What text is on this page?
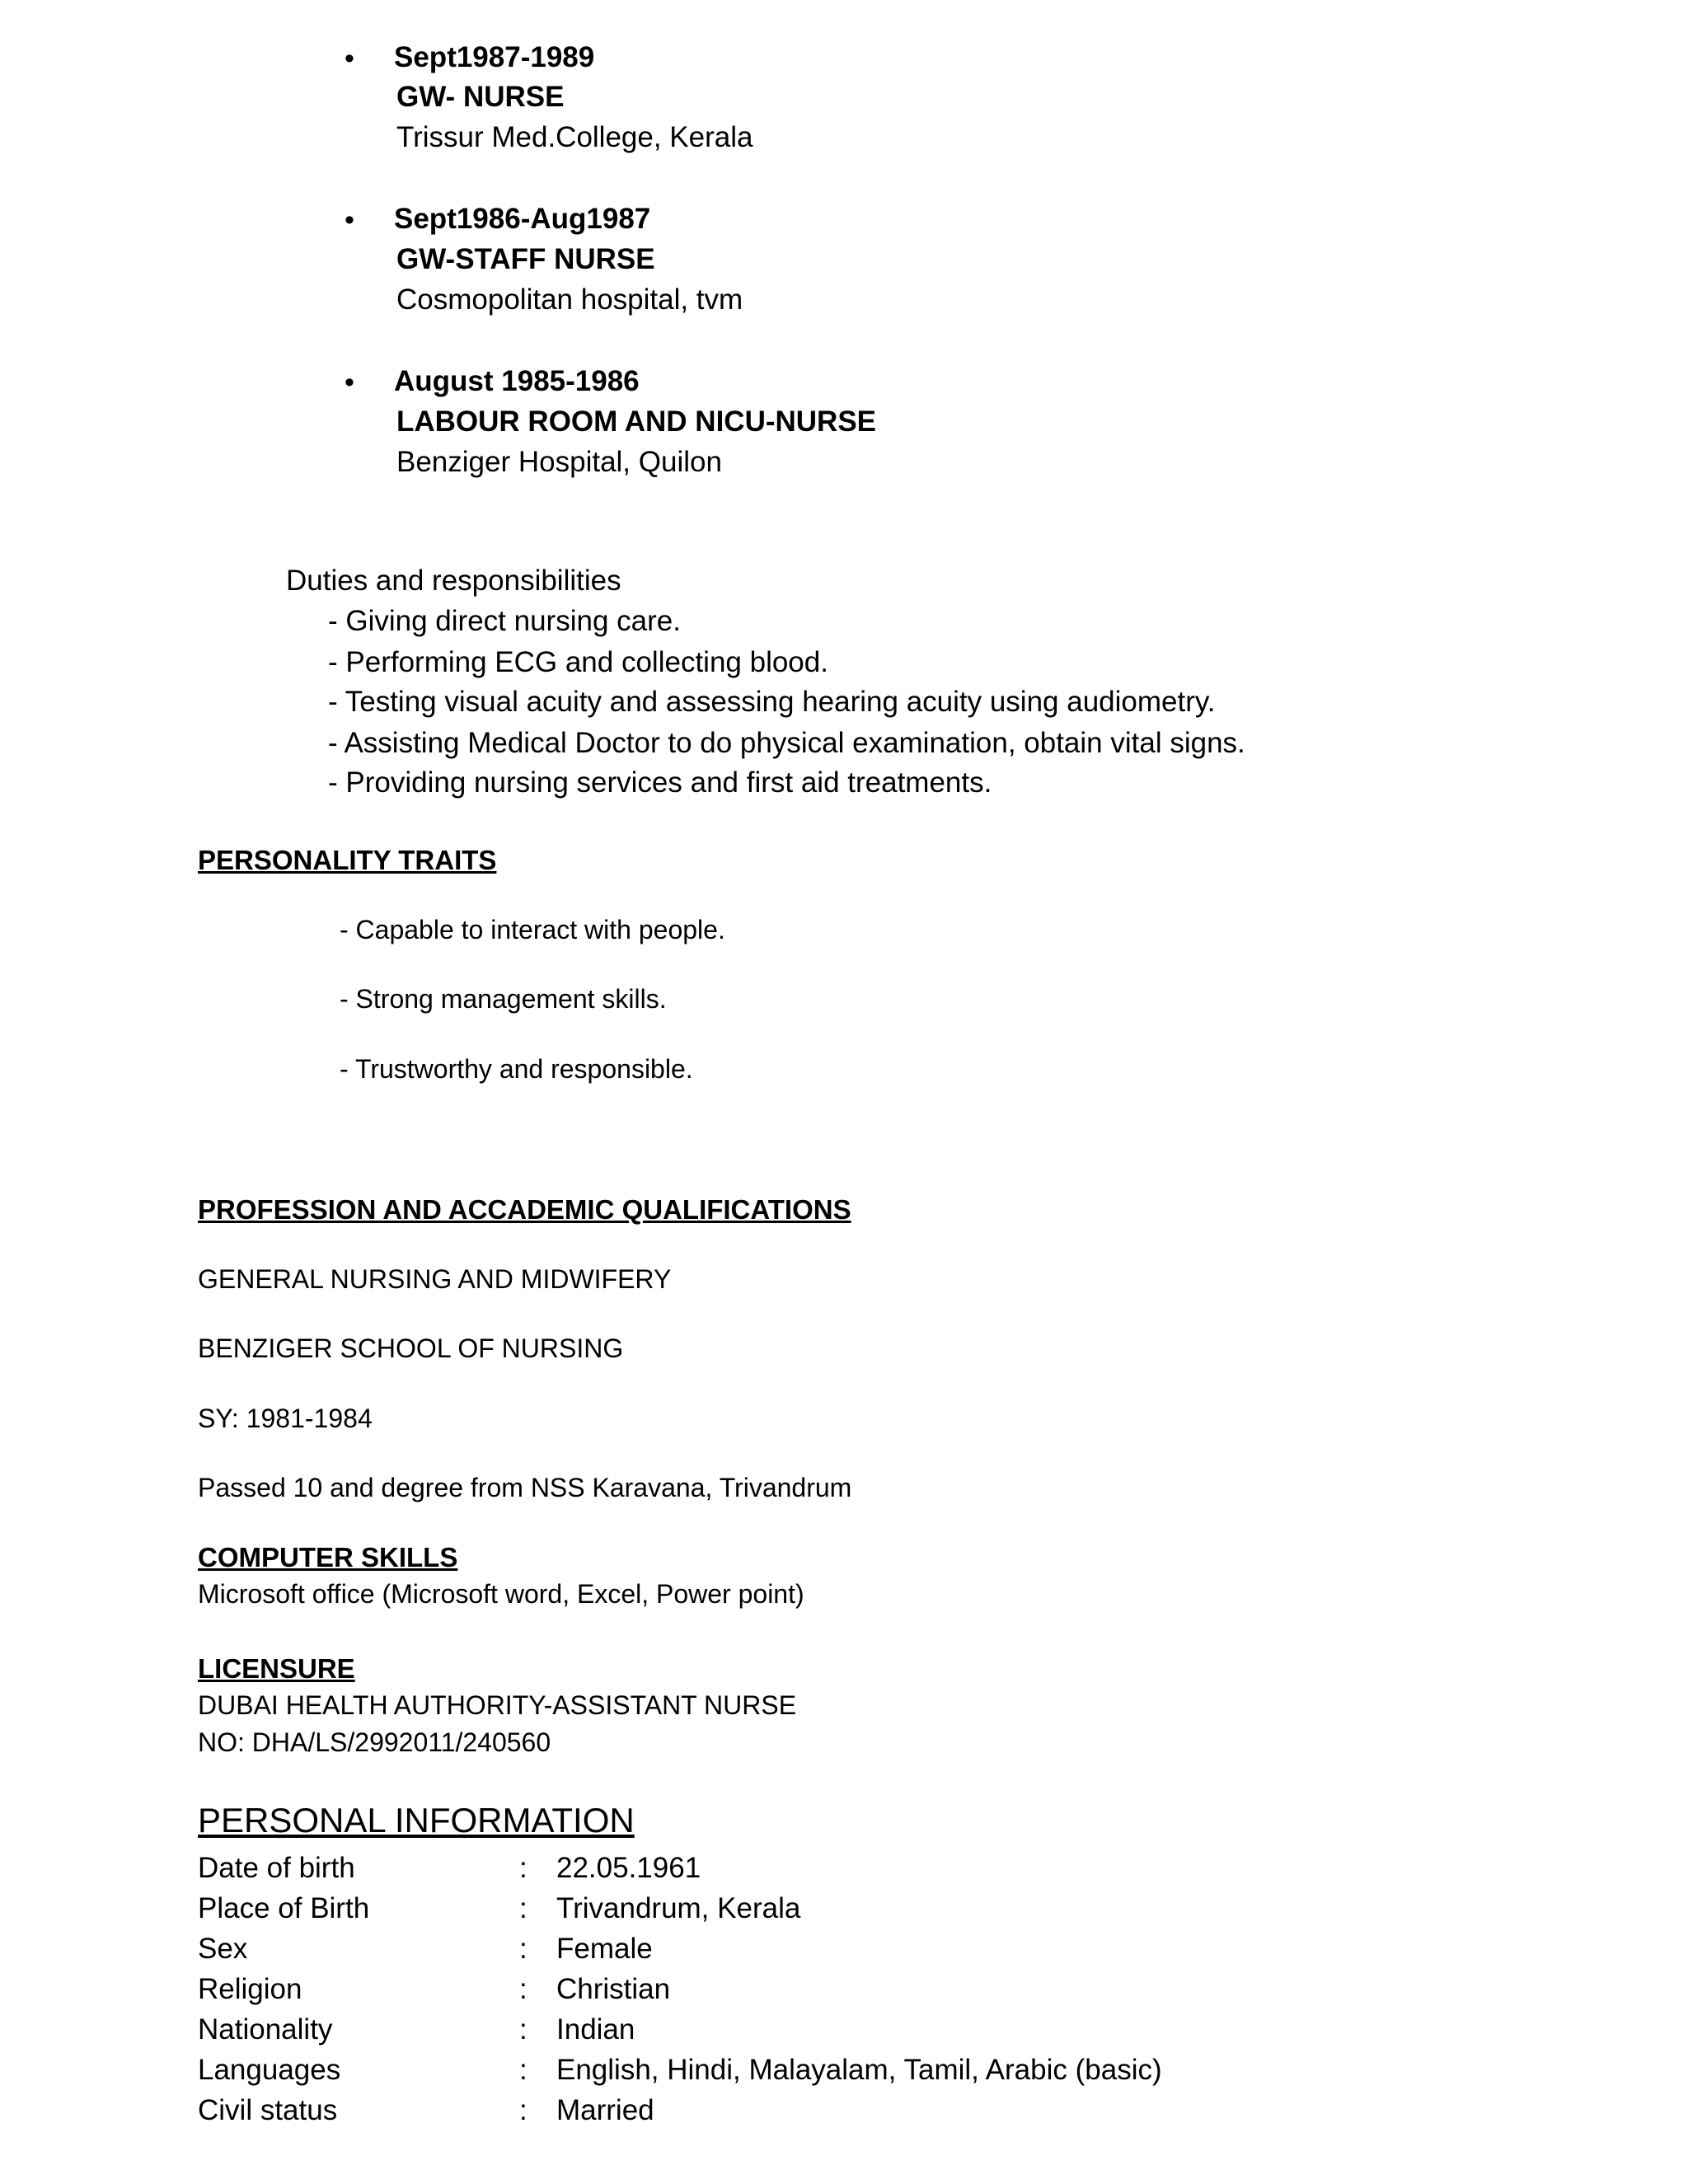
• Sept1987-1989
GW- NURSE
Trissur Med.College, Kerala
• Sept1986-Aug1987
GW-STAFF NURSE
Cosmopolitan hospital, tvm
• August 1985-1986
LABOUR ROOM AND NICU-NURSE
Benziger Hospital, Quilon
Duties and responsibilities
- Giving direct nursing care.
- Performing ECG and collecting blood.
- Testing visual acuity and assessing hearing acuity using audiometry.
- Assisting Medical Doctor to do physical examination, obtain vital signs.
- Providing nursing services and first aid treatments.
PERSONALITY TRAITS
- Capable to interact with people.
- Strong management skills.
- Trustworthy and responsible.
PROFESSION AND ACCADEMIC QUALIFICATIONS
GENERAL NURSING AND MIDWIFERY
BENZIGER SCHOOL OF NURSING
SY: 1981-1984
Passed 10 and degree from NSS Karavana, Trivandrum
COMPUTER SKILLS
Microsoft office (Microsoft word, Excel, Power point)
LICENSURE
DUBAI HEALTH AUTHORITY-ASSISTANT NURSE
NO: DHA/LS/2992011/240560
PERSONAL INFORMATION
Date of birth	: 22.05.1961
Place of Birth	: Trivandrum, Kerala
Sex	: Female
Religion	: Christian
Nationality	: Indian
Languages	: English, Hindi, Malayalam, Tamil, Arabic (basic)
Civil status	: Married
